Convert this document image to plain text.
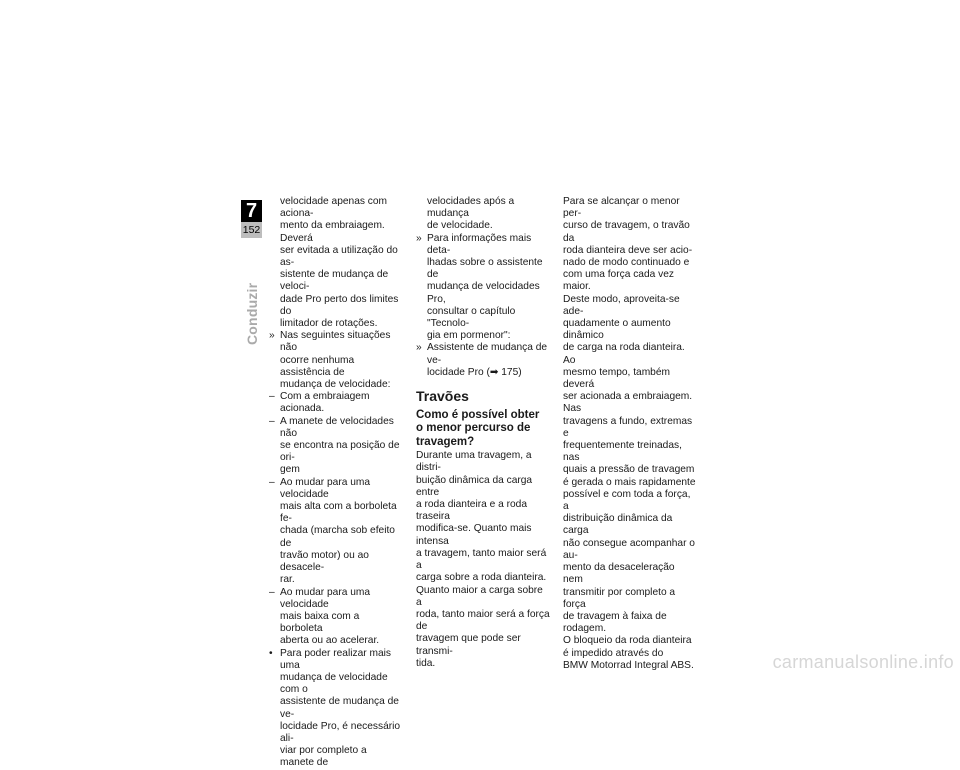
7
152
Conduzir

velocidade apenas com aciona-

mento da embraiagem. Deverá

ser evitada a utilização do as-

sistente de mudança de veloci-

dade Pro perto dos limites do

limitador de rotações.

» Nas seguintes situações não

ocorre nenhuma assistência de

mudança de velocidade:

– Com a embraiagem acionada.

– A manete de velocidades não

se encontra na posição de ori-

gem

– Ao mudar para uma velocidade

mais alta com a borboleta fe-

chada (marcha sob efeito de

travão motor) ou ao desacele-

rar.

– Ao mudar para uma velocidade

mais baixa com a borboleta

aberta ou ao acelerar.

• Para poder realizar mais uma

mudança de velocidade com o

assistente de mudança de ve-

locidade Pro, é necessário ali-

viar por completo a manete de

velocidades após a mudança

de velocidade.

» Para informações mais deta-

lhadas sobre o assistente de

mudança de velocidades Pro,

consultar o capítulo "Tecnolo-

gia em pormenor":

» Assistente de mudança de ve-

locidade Pro (➡ 175)

Travões

Como é possível obter

o menor percurso de

travagem?

Durante uma travagem, a distri-

buição dinâmica da carga entre

a roda dianteira e a roda traseira

modifica-se. Quanto mais intensa

a travagem, tanto maior será a

carga sobre a roda dianteira.

Quanto maior a carga sobre a

roda, tanto maior será a força de

travagem que pode ser transmi-

tida.

Para se alcançar o menor per-

curso de travagem, o travão da

roda dianteira deve ser acio-

nado de modo continuado e

com uma força cada vez maior.

Deste modo, aproveita-se ade-

quadamente o aumento dinâmico

de carga na roda dianteira. Ao

mesmo tempo, também deverá

ser acionada a embraiagem. Nas

travagens a fundo, extremas e

frequentemente treinadas, nas

quais a pressão de travagem

é gerada o mais rapidamente

possível e com toda a força, a

distribuição dinâmica da carga

não consegue acompanhar o au-

mento da desaceleração nem

transmitir por completo a força

de travagem à faixa de rodagem.

O bloqueio da roda dianteira

é impedido através do

BMW Motorrad Integral ABS.	carmanualsonline.info
